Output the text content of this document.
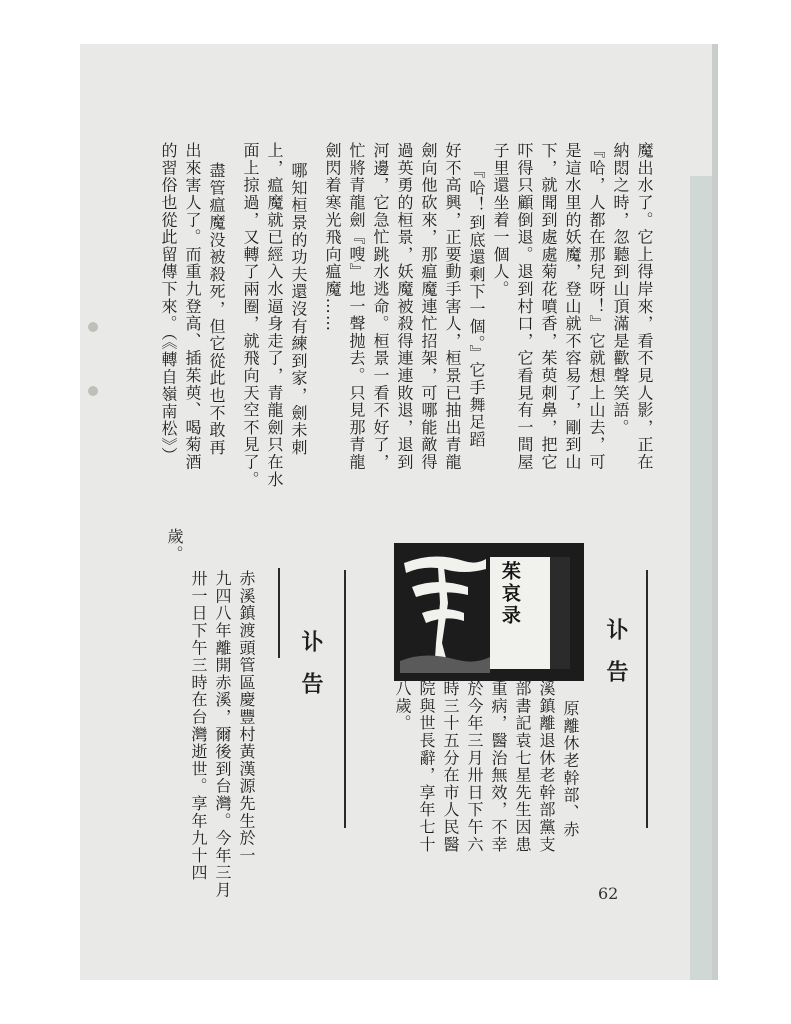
魔出水了。它上得岸來，看不見人影，正在
納悶之時，忽聽到山頂滿是歡聲笑語。
『哈，人都在那兒呀！』它就想上山去，可
是這水里的妖魔，登山就不容易了，剛到山
下，就聞到處處菊花噴香，茱萸刺鼻，把它
吓得只顧倒退。退到村口，它看見有一間屋
子里還坐着一個人。
『哈！到底還剩下一個。』它手舞足蹈
好不高興，正要動手害人，桓景已抽出青龍
劍向他砍來，那瘟魔連忙招架，可哪能敵得
過英勇的桓景，妖魔被殺得連連敗退，退到
河邊，它急忙跳水逃命。桓景一看不好了，
忙將青龍劍『嗖』地一聲抛去。只見那青龍
劍閃着寒光飛向瘟魔……
哪知桓景的功夫還沒有練到家，劍未刺
上，瘟魔就已經入水逼身走了，青龍劍只在水
面上掠過，又轉了兩圈，就飛向天空不見了。
盡管瘟魔没被殺死，但它從此也不敢再
出來害人了。而重九登高、插茱萸、喝菊酒
的習俗也從此留傳下來。（《轉自嶺南松》）
茱哀录
讣告
原離休老幹部、赤
溪鎮離退休老幹部黨支
部書記袁七星先生因患
重病，醫治無效，不幸
於今年三月卅日下午六
時三十五分在市人民醫
院與世長辭，享年七十
八歲。
讣告
赤溪鎮渡頭管區慶豐村黃漢源先生於一
九四八年離開赤溪，爾後到台灣。今年三月
卅一日下午三時在台灣逝世。享年九十四
歲。
62
